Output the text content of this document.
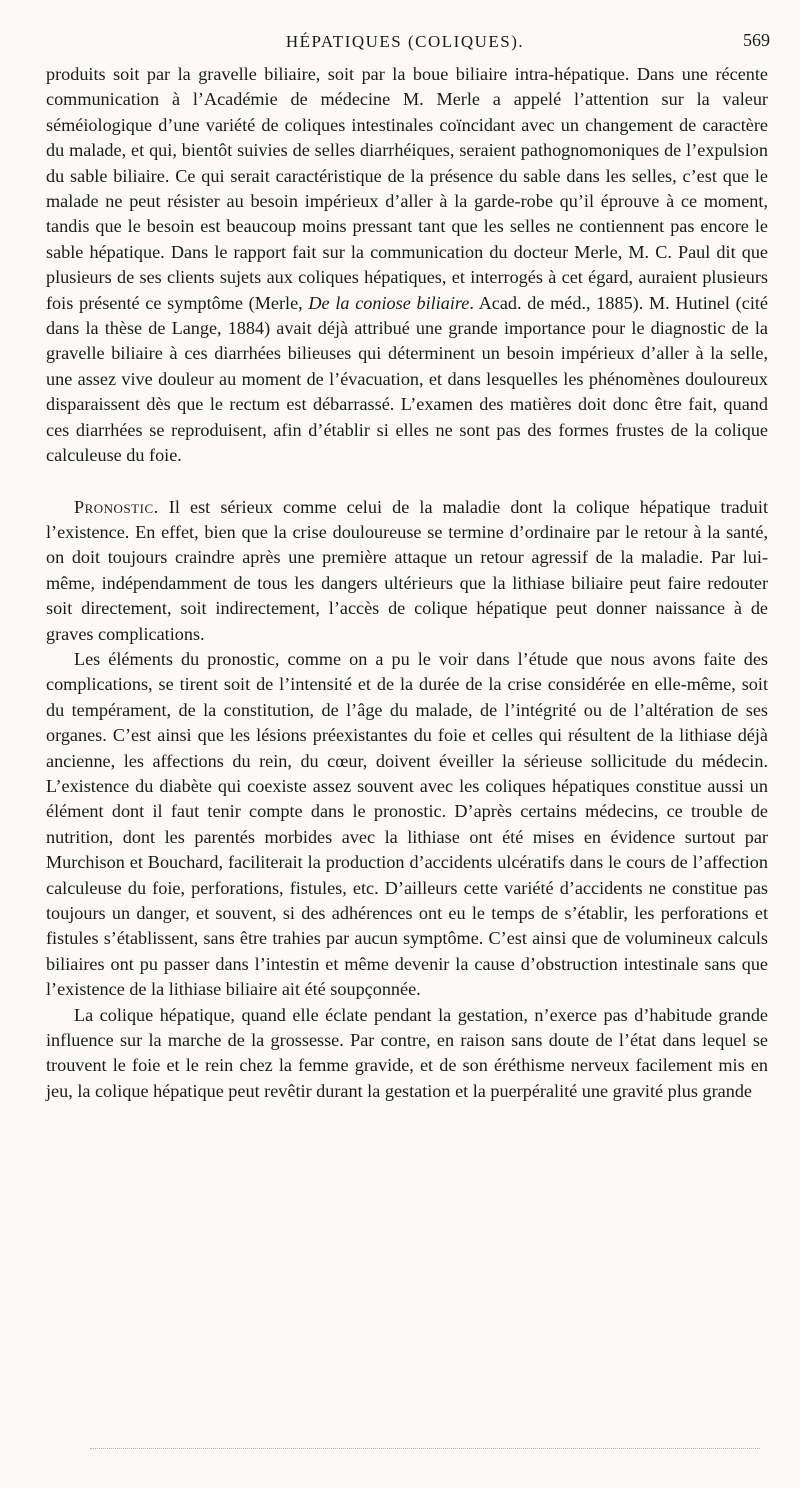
HÉPATIQUES (COLIQUES).	569

produits soit par la gravelle biliaire, soit par la boue biliaire intra-hépatique. Dans une récente communication à l’Académie de médecine M. Merle a appelé l’attention sur la valeur séméiologique d’une variété de coliques intestinales coïncidant avec un changement de caractère du malade, et qui, bientôt suivies de selles diarrhéiques, seraient pathognomoniques de l’expulsion du sable biliaire. Ce qui serait caractéristique de la présence du sable dans les selles, c’est que le malade ne peut résister au besoin impérieux d’aller à la garde-robe qu’il éprouve à ce moment, tandis que le besoin est beaucoup moins pressant tant que les selles ne contiennent pas encore le sable hépatique. Dans le rapport fait sur la communication du docteur Merle, M. C. Paul dit que plusieurs de ses clients sujets aux coliques hépatiques, et interrogés à cet égard, auraient plusieurs fois présenté ce symptôme (Merle, De la coniose biliaire. Acad. de méd., 1885). M. Hutinel (cité dans la thèse de Lange, 1884) avait déjà attribué une grande importance pour le diagnostic de la gravelle biliaire à ces diarrhées bilieuses qui déterminent un besoin impérieux d’aller à la selle, une assez vive douleur au moment de l’évacuation, et dans lesquelles les phénomènes douloureux disparaissent dès que le rectum est débarrassé. L’examen des matières doit donc être fait, quand ces diarrhées se reproduisent, afin d’établir si elles ne sont pas des formes frustes de la colique calculeuse du foie.

Pronostic. Il est sérieux comme celui de la maladie dont la colique hépatique traduit l’existence. En effet, bien que la crise douloureuse se termine d’ordinaire par le retour à la santé, on doit toujours craindre après une première attaque un retour agressif de la maladie. Par lui-même, indépendamment de tous les dangers ultérieurs que la lithiase biliaire peut faire redouter soit directement, soit indirectement, l’accès de colique hépatique peut donner naissance à de graves complications.

Les éléments du pronostic, comme on a pu le voir dans l’étude que nous avons faite des complications, se tirent soit de l’intensité et de la durée de la crise considérée en elle-même, soit du tempérament, de la constitution, de l’âge du malade, de l’intégrité ou de l’altération de ses organes. C’est ainsi que les lésions préexistantes du foie et celles qui résultent de la lithiase déjà ancienne, les affections du rein, du cœur, doivent éveiller la sérieuse sollicitude du médecin. L’existence du diabète qui coexiste assez souvent avec les coliques hépatiques constitue aussi un élément dont il faut tenir compte dans le pronostic. D’après certains médecins, ce trouble de nutrition, dont les parentés morbides avec la lithiase ont été mises en évidence surtout par Murchison et Bouchard, faciliterait la production d’accidents ulcératifs dans le cours de l’affection calculeuse du foie, perforations, fistules, etc. D’ailleurs cette variété d’accidents ne constitue pas toujours un danger, et souvent, si des adhérences ont eu le temps de s’établir, les perforations et fistules s’établissent, sans être trahies par aucun symptôme. C’est ainsi que de volumineux calculs biliaires ont pu passer dans l’intestin et même devenir la cause d’obstruction intestinale sans que l’existence de la lithiase biliaire ait été soupçonnée.

La colique hépatique, quand elle éclate pendant la gestation, n’exerce pas d’habitude grande influence sur la marche de la grossesse. Par contre, en raison sans doute de l’état dans lequel se trouvent le foie et le rein chez la femme gravide, et de son éréthisme nerveux facilement mis en jeu, la colique hépatique peut revêtir durant la gestation et la puerpéralité une gravité plus grande
